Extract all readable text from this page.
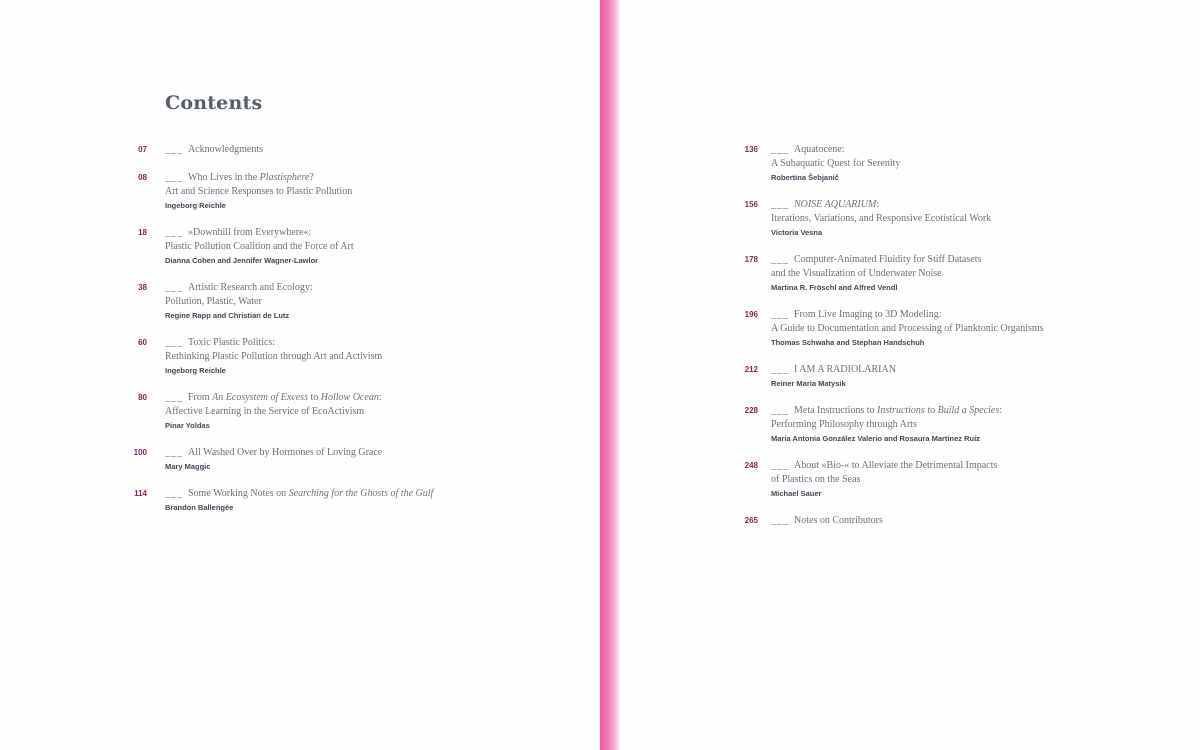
Contents
07 ___ Acknowledgments
08 ___ Who Lives in the Plastisphere?
Art and Science Responses to Plastic Pollution
Ingeborg Reichle
18 ___ »Downhill from Everywhere«:
Plastic Pollution Coalition and the Force of Art
Dianna Cohen and Jennifer Wagner-Lawlor
38 ___ Artistic Research and Ecology:
Pollution, Plastic, Water
Regine Rapp and Christian de Lutz
60 ___ Toxic Plastic Politics:
Rethinking Plastic Pollution through Art and Activism
Ingeborg Reichle
80 ___ From An Ecosystem of Excess to Hollow Ocean:
Affective Learning in the Service of EcoActivism
Pinar Yoldas
100 ___ All Washed Over by Hormones of Loving Grace
Mary Maggic
114 ___ Some Working Notes on Searching for the Ghosts of the Gulf
Brandon Ballengée
136 ___ Aquatocene:
A Subaquatic Quest for Serenity
Robertina Šebjanič
156 ___ NOISE AQUARIUM:
Iterations, Variations, and Responsive Ecotistical Work
Victoria Vesna
178 ___ Computer-Animated Fluidity for Stiff Datasets
and the Visualization of Underwater Noise
Martina R. Fröschl and Alfred Vendl
196 ___ From Live Imaging to 3D Modeling:
A Guide to Documentation and Processing of Planktonic Organisms
Thomas Schwaha and Stephan Handschuh
212 ___ I AM A RADIOLARIAN
Reiner Maria Matysik
228 ___ Meta Instructions to Instructions to Build a Species:
Performing Philosophy through Arts
María Antonia González Valerio and Rosaura Martínez Ruíz
248 ___ About »Bio-« to Alleviate the Detrimental Impacts
of Plastics on the Seas
Michael Sauer
265 ___ Notes on Contributors
